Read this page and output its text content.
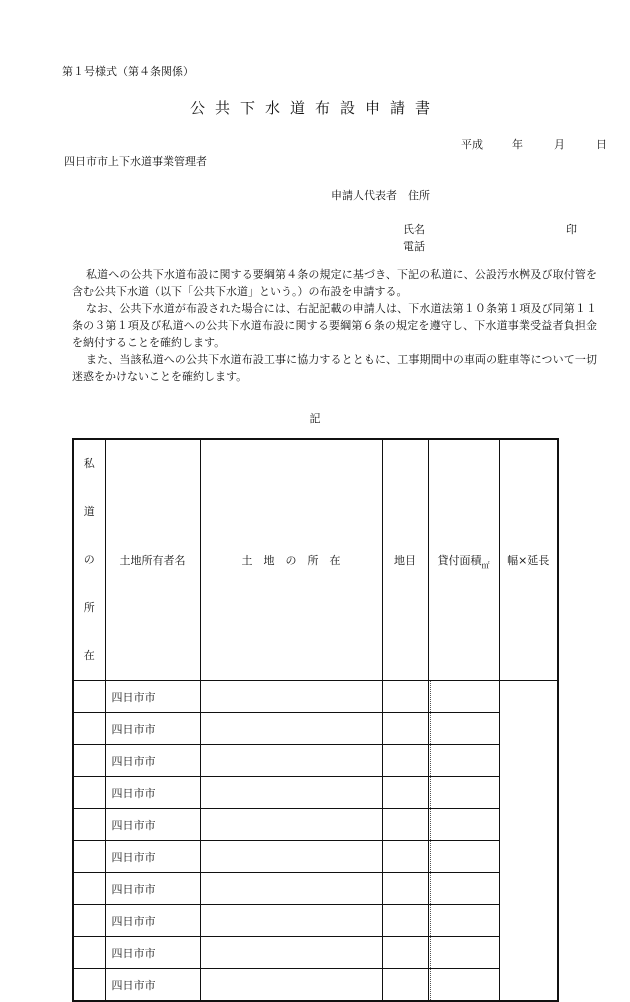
第１号様式（第４条関係）
公共下水道布設申請書
平成	年	月	日
四日市市上下水道事業管理者
申請人代表者　住所
氏名	印
電話

私道への公共下水道布設に関する要綱第４条の規定に基づき、下記の私道に、公設汚水桝及び取付管を含む公共下水道（以下「公共下水道」という。）の布設を申請する。

なお、公共下水道が布設された場合には、右記記載の申請人は、下水道法第１０条第１項及び同第１１条の３第１項及び私道への公共下水道布設に関する要綱第６条の規定を遵守し、下水道事業受益者負担金を納付することを確約します。

また、当該私道への公共下水道布設工事に協力するとともに、工事期間中の車両の駐車等について一切迷惑をかけないことを確約します。

記
私
道
の
所
在	土地所有者名	土　地　の　所　在	地目	貸付面積$_㎡$	幅×延長
	四日市市			

	四日市市			

	四日市市			

	四日市市			

	四日市市			

	四日市市			

	四日市市			

	四日市市			

	四日市市			

	四日市市			
